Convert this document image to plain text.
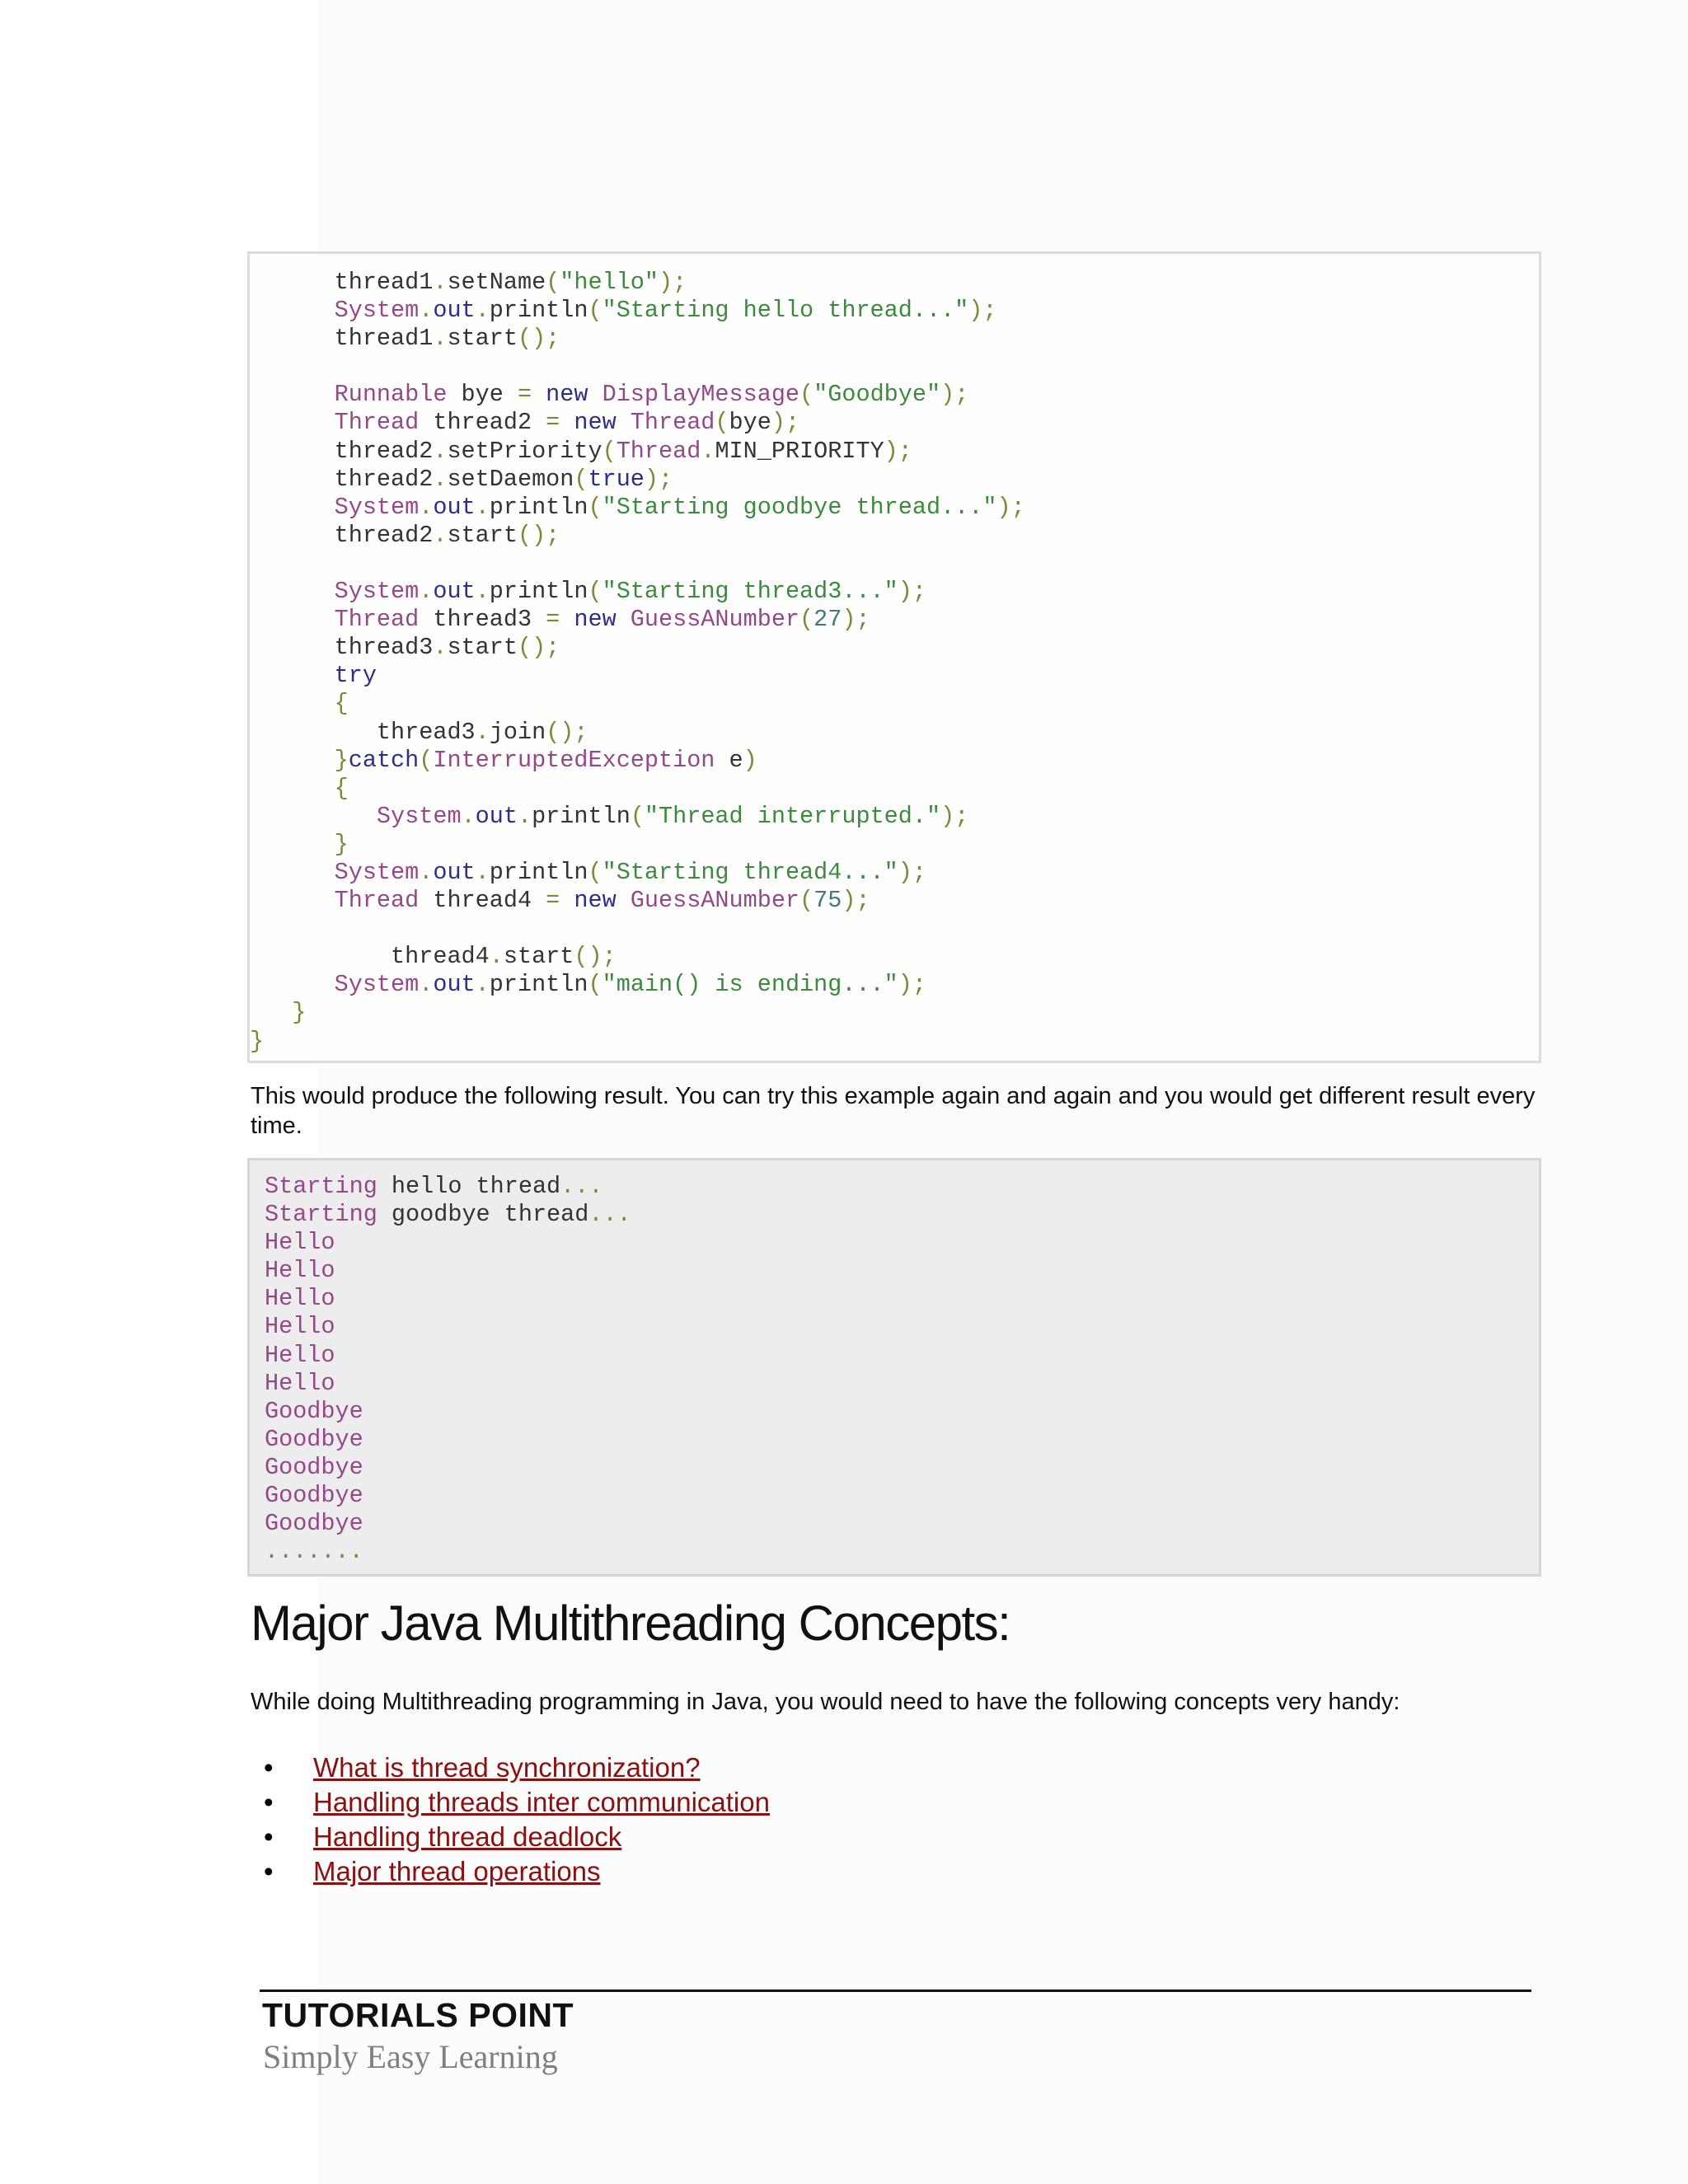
thread1.setName("hello");
System.out.println("Starting hello thread...");
thread1.start();

Runnable bye = new DisplayMessage("Goodbye");
Thread thread2 = new Thread(bye);
thread2.setPriority(Thread.MIN_PRIORITY);
thread2.setDaemon(true);
System.out.println("Starting goodbye thread...");
thread2.start();

System.out.println("Starting thread3...");
Thread thread3 = new GuessANumber(27);
thread3.start();
try
{
thread3.join();
}catch(InterruptedException e)
{
System.out.println("Thread interrupted.");
}
System.out.println("Starting thread4...");
Thread thread4 = new GuessANumber(75);

thread4.start();
System.out.println("main() is ending...");
}
}

This would produce the following result. You can try this example again and again and you would get different result every time.
Starting hello thread...
Starting goodbye thread...
Hello
Hello
Hello
Hello
Hello
Hello
Goodbye
Goodbye
Goodbye
Goodbye
Goodbye
.......

Major Java Multithreading Concepts:
While doing Multithreading programming in Java, you would need to have the following concepts very handy:
• What is thread synchronization?
• Handling threads inter communication
• Handling thread deadlock
• Major thread operations
TUTORIALS POINT
Simply Easy Learning
